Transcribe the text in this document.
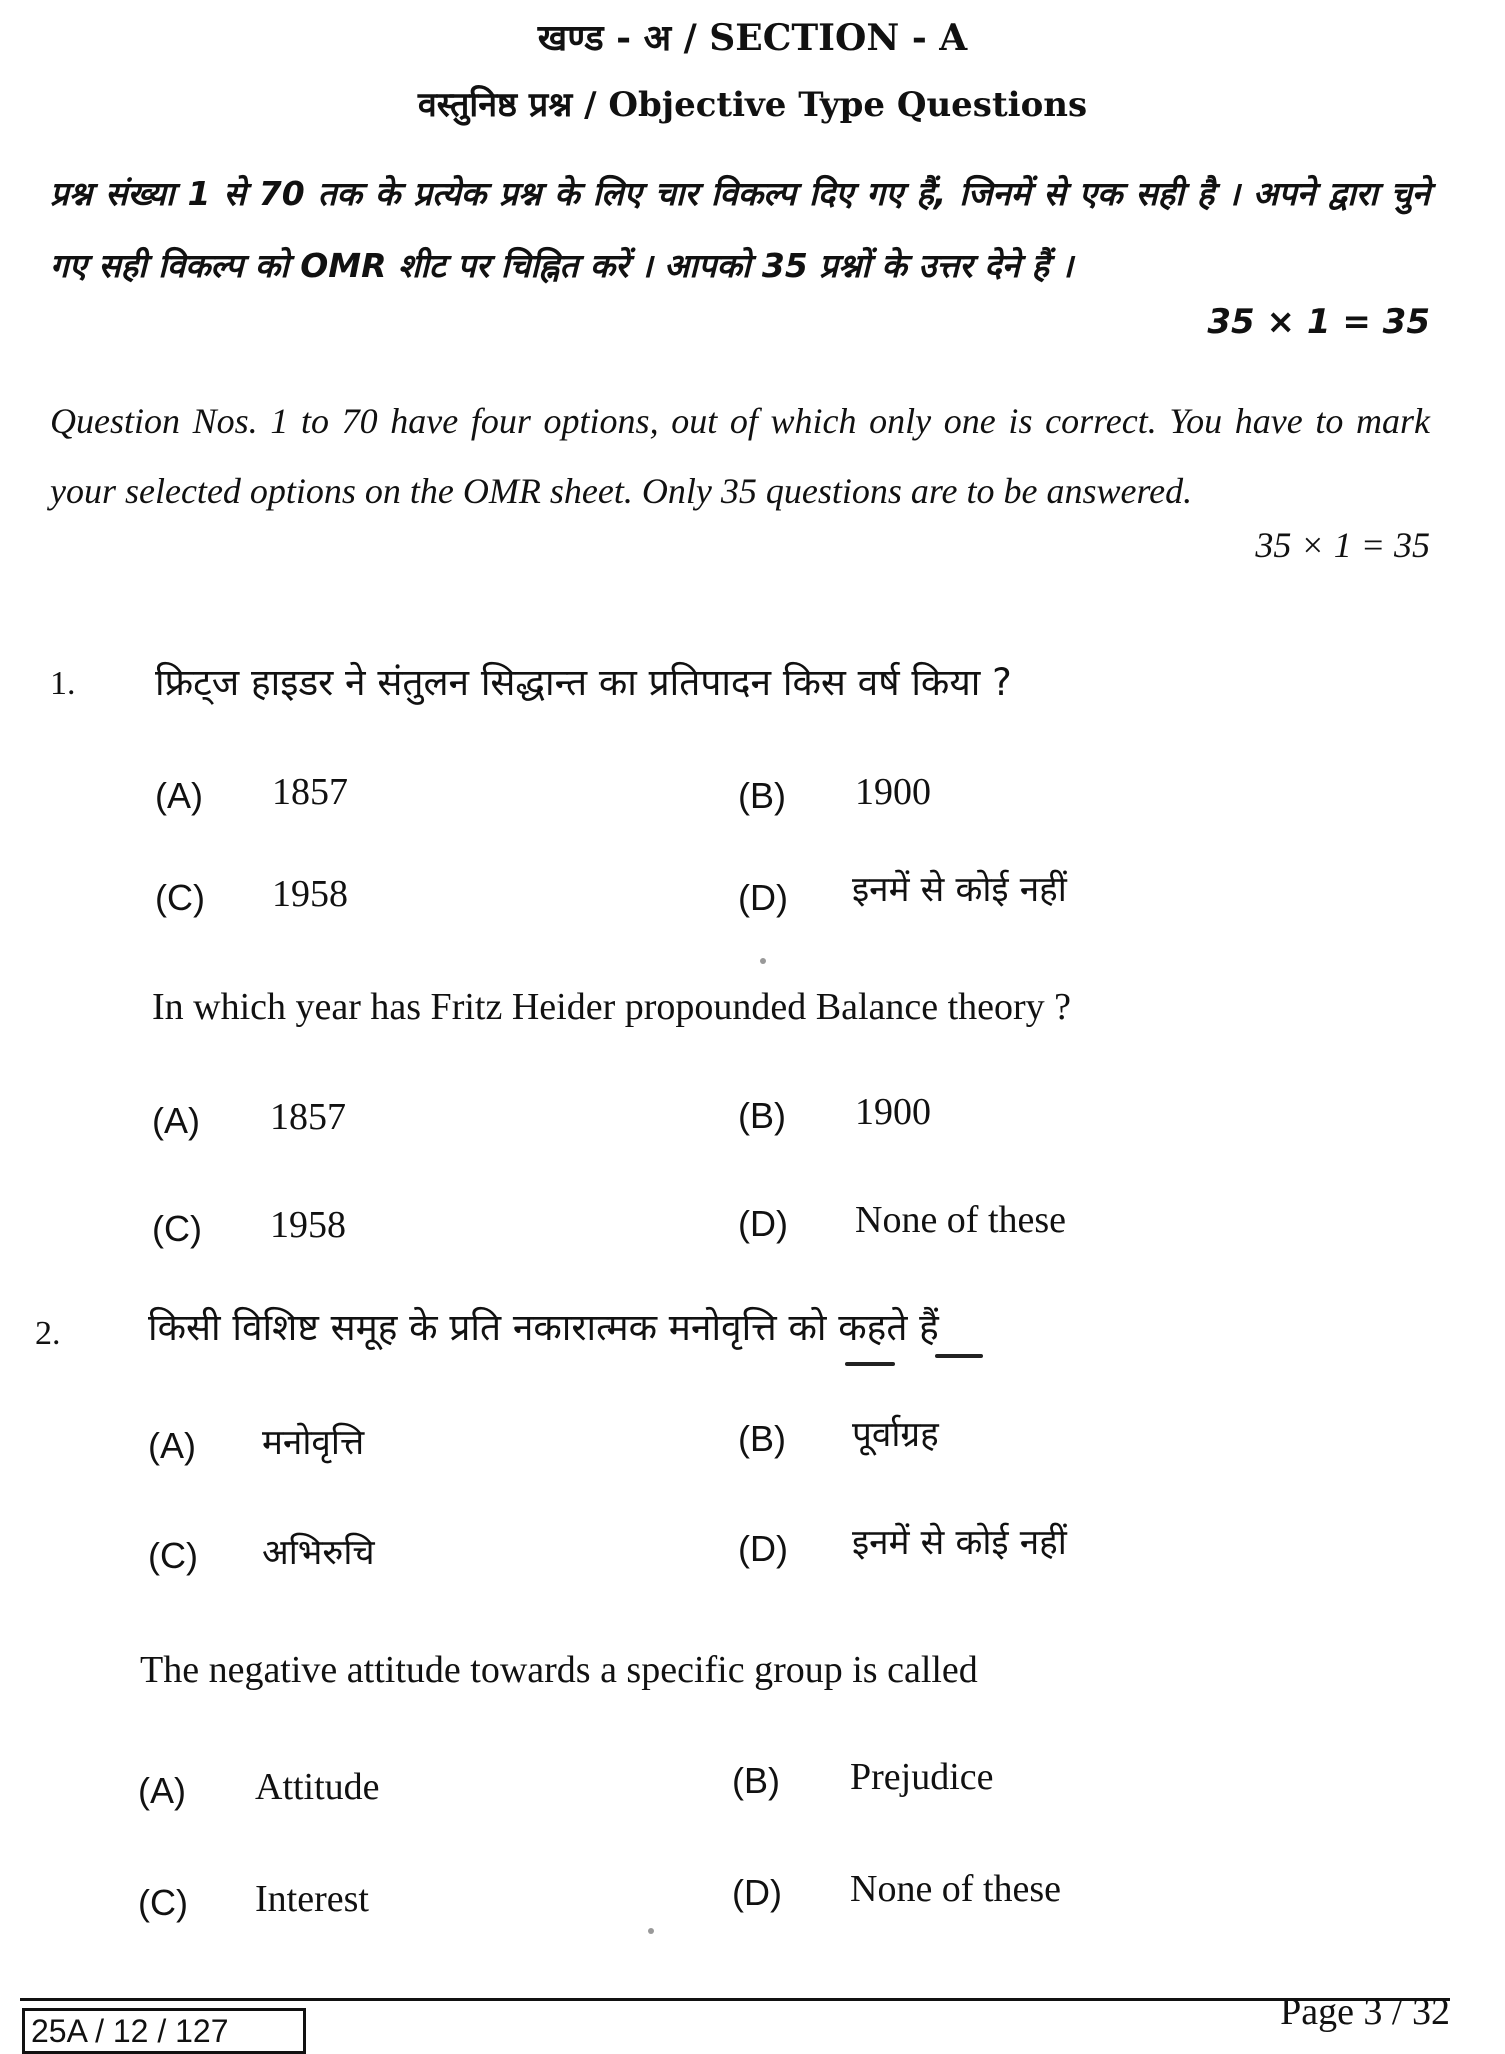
खण्ड - अ / SECTION - A
वस्तुनिष्ठ प्रश्न / Objective Type Questions
प्रश्न संख्या 1 से 70 तक के प्रत्येक प्रश्न के लिए चार विकल्प दिए गए हैं, जिनमें से एक सही है । अपने द्वारा चुने गए सही विकल्प को OMR शीट पर चिह्नित करें । आपको 35 प्रश्नों के उत्तर देने हैं ।
35 × 1 = 35
Question Nos. 1 to 70 have four options, out of which only one is correct. You have to mark your selected options on the OMR sheet. Only 35 questions are to be answered.
35 × 1 = 35
1. फ्रिट्ज हाइडर ने संतुलन सिद्धान्त का प्रतिपादन किस वर्ष किया ?
(A) 1857	(B) 1900
(C) 1958	(D) इनमें से कोई नहीं
In which year has Fritz Heider propounded Balance theory ?
(A) 1857	(B) 1900
(C) 1958	(D) None of these
2. किसी विशिष्ट समूह के प्रति नकारात्मक मनोवृत्ति को कहते हैं
(A) मनोवृत्ति	(B) पूर्वाग्रह
(C) अभिरुचि	(D) इनमें से कोई नहीं
The negative attitude towards a specific group is called
(A) Attitude	(B) Prejudice
(C) Interest	(D) None of these
25A / 12 / 127	Page 3 / 32
